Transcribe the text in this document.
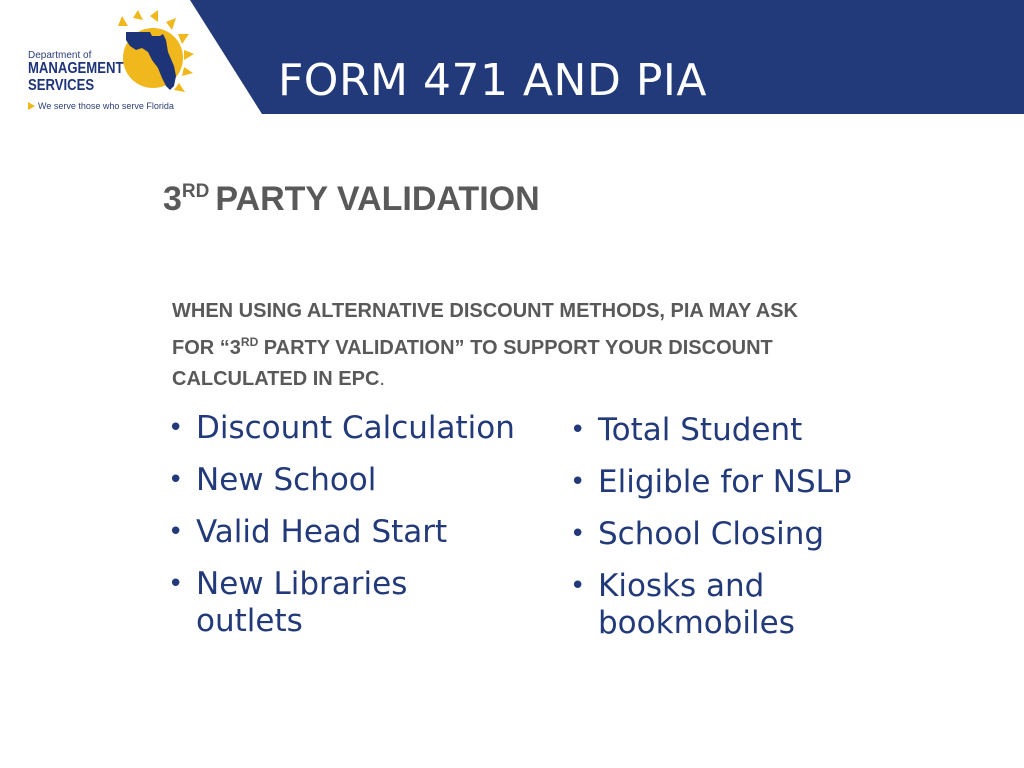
FORM 471 AND PIA
Department of
MANAGEMENT
SERVICES
We serve those who serve Florida
3RD PARTY VALIDATION
WHEN USING ALTERNATIVE DISCOUNT METHODS, PIA MAY ASK FOR “3RD PARTY VALIDATION” TO SUPPORT YOUR DISCOUNT CALCULATED IN EPC.
• Discount Calculation
• New School
• Valid Head Start
• New Libraries
outlets
• Total Student
• Eligible for NSLP
• School Closing
• Kiosks and
bookmobiles
